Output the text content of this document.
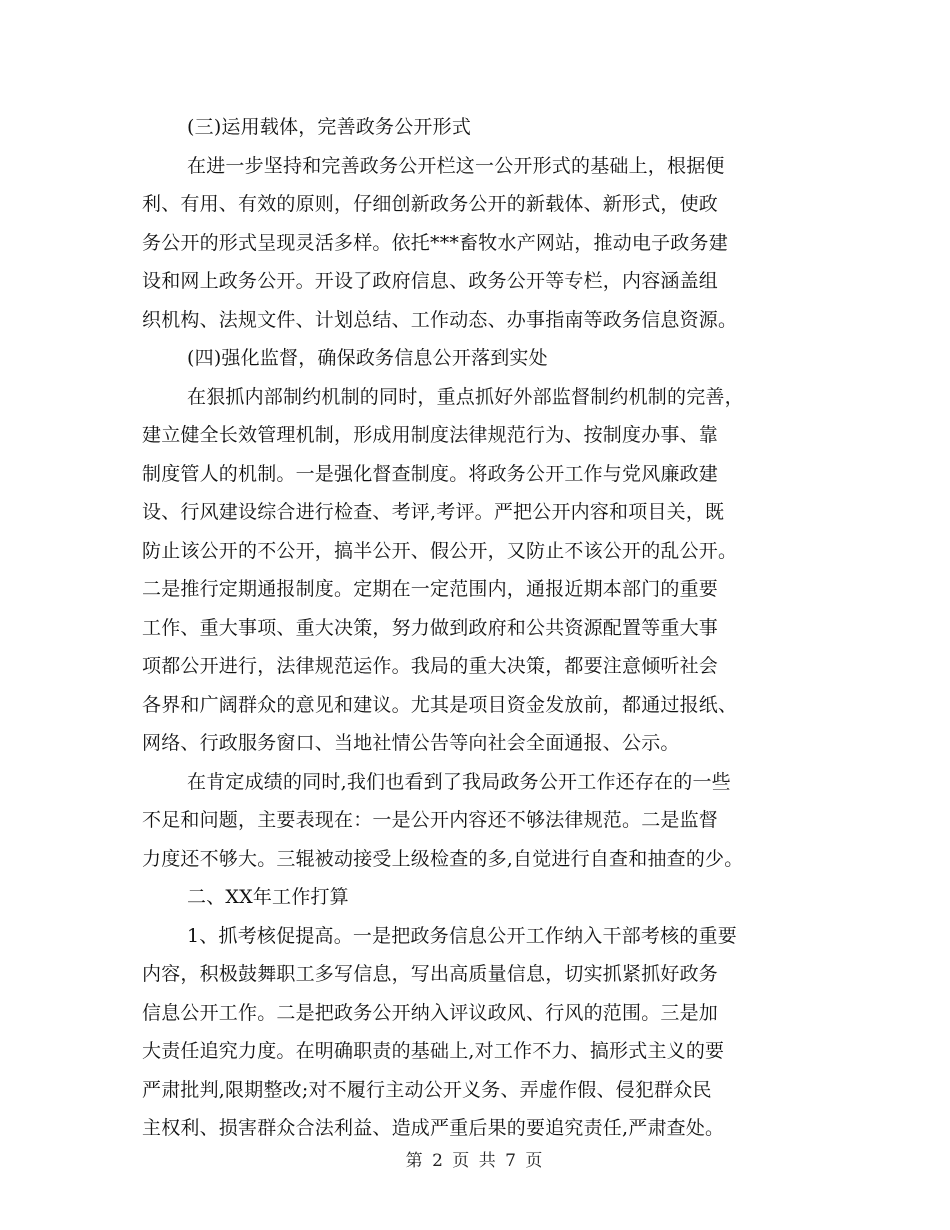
(三)运用载体，完善政务公开形式
在进一步坚持和完善政务公开栏这一公开形式的基础上，根据便
利、有用、有效的原则，仔细创新政务公开的新载体、新形式，使政
务公开的形式呈现灵活多样。依托***畜牧水产网站，推动电子政务建
设和网上政务公开。开设了政府信息、政务公开等专栏，内容涵盖组
织机构、法规文件、计划总结、工作动态、办事指南等政务信息资源。
(四)强化监督，确保政务信息公开落到实处
在狠抓内部制约机制的同时，重点抓好外部监督制约机制的完善，
建立健全长效管理机制，形成用制度法律规范行为、按制度办事、靠
制度管人的机制。一是强化督查制度。将政务公开工作与党风廉政建
设、行风建设综合进行检查、考评,考评。严把公开内容和项目关，既
防止该公开的不公开，搞半公开、假公开，又防止不该公开的乱公开。
二是推行定期通报制度。定期在一定范围内，通报近期本部门的重要
工作、重大事项、重大决策，努力做到政府和公共资源配置等重大事
项都公开进行，法律规范运作。我局的重大决策，都要注意倾听社会
各界和广阔群众的意见和建议。尤其是项目资金发放前，都通过报纸、
网络、行政服务窗口、当地社情公告等向社会全面通报、公示。
在肯定成绩的同时,我们也看到了我局政务公开工作还存在的一些
不足和问题，主要表现在：一是公开内容还不够法律规范。二是监督
力度还不够大。三辊被动接受上级检查的多,自觉进行自查和抽查的少。
二、XX年工作打算
1、抓考核促提高。一是把政务信息公开工作纳入干部考核的重要
内容，积极鼓舞职工多写信息，写出高质量信息，切实抓紧抓好政务
信息公开工作。二是把政务公开纳入评议政风、行风的范围。三是加
大责任追究力度。在明确职责的基础上,对工作不力、搞形式主义的要
严肃批判,限期整改;对不履行主动公开义务、弄虚作假、侵犯群众民
主权利、损害群众合法利益、造成严重后果的要追究责任,严肃查处。
第 2 页 共 7 页
